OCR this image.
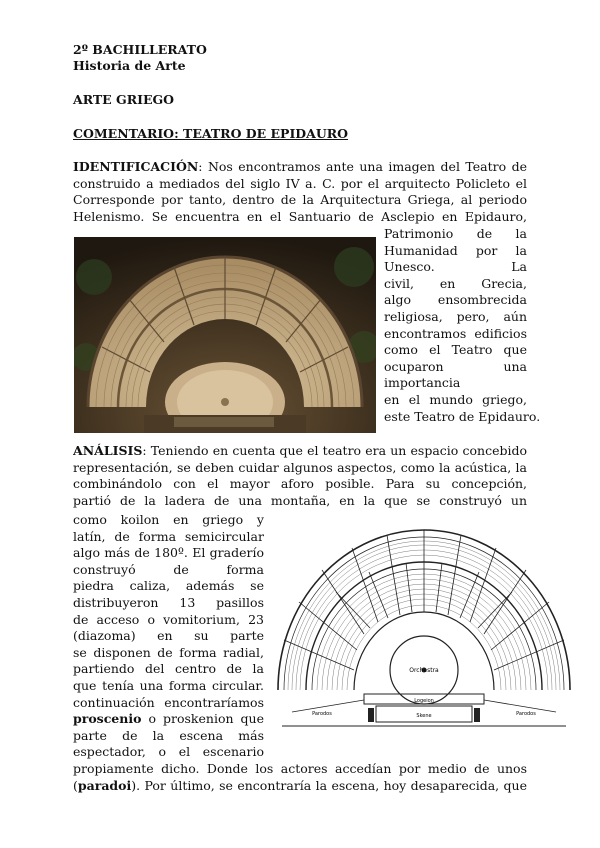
2º BACHILLERATO
Historia de Arte
ARTE GRIEGO
COMENTARIO: TEATRO DE EPIDAURO
IDENTIFICACIÓN: Nos encontramos ante una imagen del Teatro de
construido a mediados del siglo IV a. C. por el arquitecto Policleto el
Corresponde por tanto, dentro de la Arquitectura Griega, al periodo
Helenismo. Se encuentra en el Santuario de Asclepio en Epidauro,
Patrimonio de la
Humanidad por la
Unesco. La
civil, en Grecia,
algo ensombrecida
religiosa, pero, aún
encontramos edificios
como el Teatro que
ocuparon una
importancia
en el mundo griego,
este Teatro de Epidauro.
ANÁLISIS: Teniendo en cuenta que el teatro era un espacio concebido
representación, se deben cuidar algunos aspectos, como la acústica, la
combinándolo con el mayor aforo posible. Para su concepción,
partió de la ladera de una montaña, en la que se construyó un
como koilon en griego y
latín, de forma semicircular
algo más de 180º. El graderío
construyó de forma
piedra caliza, además se
distribuyeron 13 pasillos
de acceso o vomitorium, 23
(diazoma) en su parte
se disponen de forma radial,
partiendo del centro de la
que tenía una forma circular.
continuación encontraríamos
proscenio o proskenion que
parte de la escena más
espectador, o el escenario
Orchestra
Logeion
Skene
Parodos	Parodos
propiamente dicho. Donde los actores accedían por medio de unos
(paradoi). Por último, se encontraría la escena, hoy desaparecida, que
